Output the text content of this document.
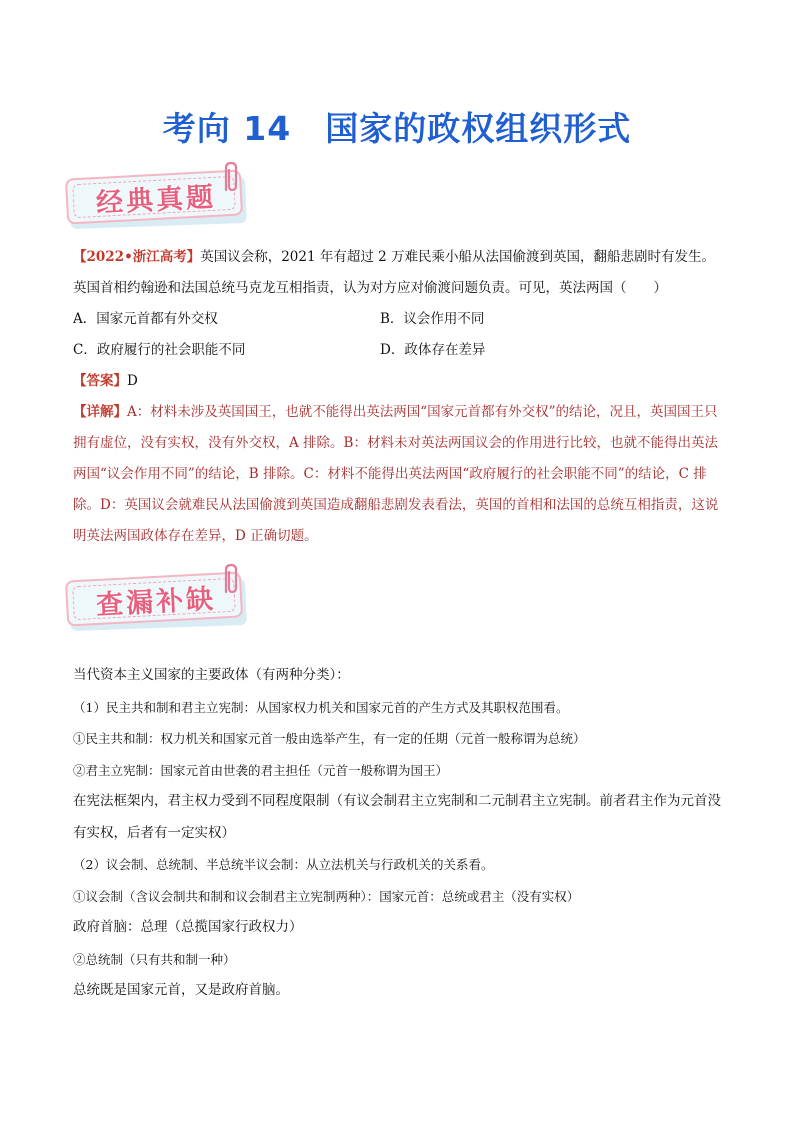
考向 14 国家的政权组织形式
经典真题
【2022•浙江高考】英国议会称，2021 年有超过 2 万难民乘小船从法国偷渡到英国，翻船悲剧时有发生。英国首相约翰逊和法国总统马克龙互相指责，认为对方应对偷渡问题负责。可见，英法两国（　　）
A．国家元首都有外交权	B．议会作用不同
C．政府履行的社会职能不同	D．政体存在差异
【答案】D
【详解】A：材料未涉及英国国王，也就不能得出英法两国“国家元首都有外交权”的结论，况且，英国国王只拥有虚位，没有实权，没有外交权，A 排除。B：材料未对英法两国议会的作用进行比较，也就不能得出英法两国“议会作用不同”的结论，B 排除。C：材料不能得出英法两国“政府履行的社会职能不同”的结论，C 排除。D：英国议会就难民从法国偷渡到英国造成翻船悲剧发表看法，英国的首相和法国的总统互相指责，这说明英法两国政体存在差异，D 正确切题。
查漏补缺

当代资本主义国家的主要政体（有两种分类）：

（1）民主共和制和君主立宪制：从国家权力机关和国家元首的产生方式及其职权范围看。

①民主共和制：权力机关和国家元首一般由选举产生，有一定的任期（元首一般称谓为总统）

②君主立宪制：国家元首由世袭的君主担任（元首一般称谓为国王）

在宪法框架内，君主权力受到不同程度限制（有议会制君主立宪制和二元制君主立宪制。前者君主作为元首没有实权，后者有一定实权）

（2）议会制、总统制、半总统半议会制：从立法机关与行政机关的关系看。

①议会制（含议会制共和制和议会制君主立宪制两种）：国家元首：总统或君主（没有实权）

政府首脑：总理（总揽国家行政权力）

②总统制（只有共和制一种）

总统既是国家元首，又是政府首脑。
